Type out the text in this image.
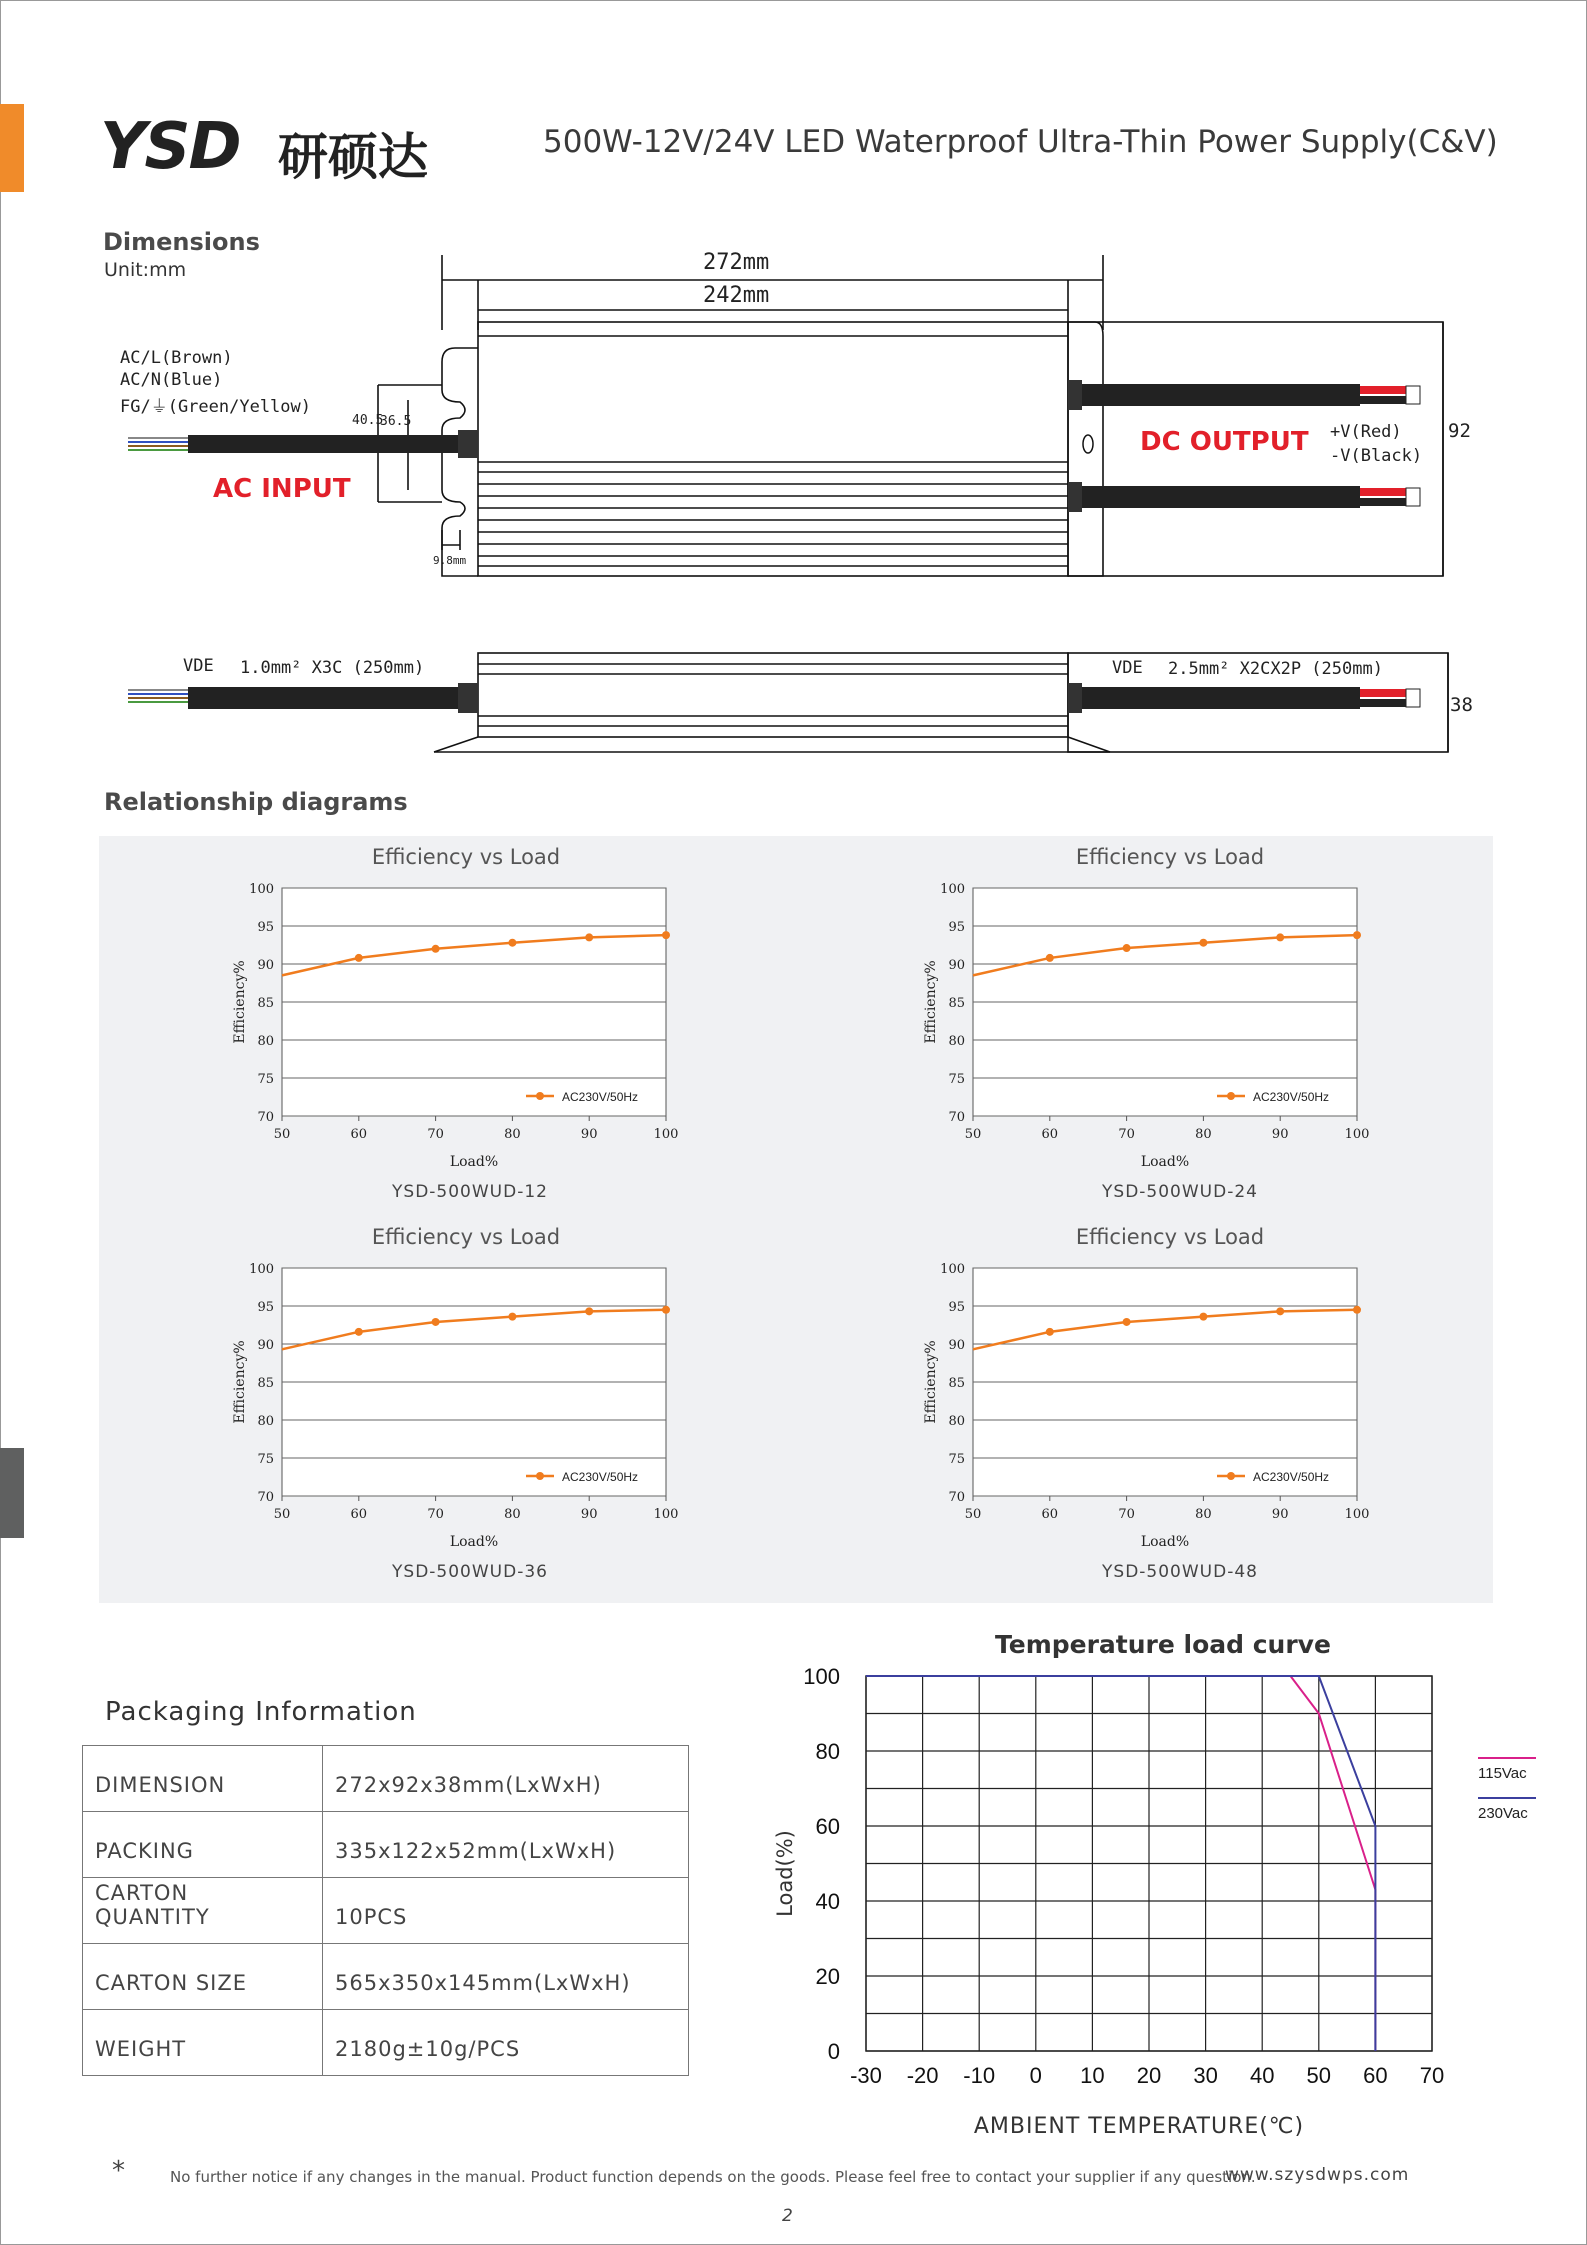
YSD 研硕达	500W-12V/24V LED Waterproof Ultra-Thin Power Supply(C&V)
Dimensions
Unit:mm	272mm
242mm
92
38
40.5
36.5
9.8mm
AC/L(Brown)
AC/N(Blue)
FG/⏚(Green/Yellow)
AC INPUT
DC OUTPUT +V(Red)
-V(Black)
VDE 1.0mm² X3C (250mm)	VDE 2.5mm² X2CX2P (250mm)
Relationship diagrams
Efficiency vs Load	Efficiency vs Load
Efficiency vs Load	Efficiency vs Load
70
75
80
85
90
95
100
50	60	70	80	90	100
Load%
Efficiency%
AC230V/50Hz
70
75
80
85
90
95
100
50	60	70	80	90	100
Load%
Efficiency%
AC230V/50Hz
70
75
80
85
90
95
100
50	60	70	80	90	100
Load%
Efficiency%
AC230V/50Hz
70
75
80
85
90
95
100
50	60	70	80	90	100
Load%
Efficiency%
AC230V/50Hz
YSD-500WUD-12	YSD-500WUD-24
YSD-500WUD-36	YSD-500WUD-48
Packaging Information
DIMENSION	272x92x38mm(LxWxH)
PACKING	335x122x52mm(LxWxH)
CARTON QUANTITY	10PCS
CARTON SIZE	565x350x145mm(LxWxH)
WEIGHT	2180g±10g/PCS
Temperature load curve
0
20
40
60
80
100
-30 -20 -10 0 10 20 30 40 50 60 70
AMBIENT TEMPERATURE(℃)
Load(%)
115Vac
230Vac
*	No further notice if any changes in the manual. Product function depends on the goods. Please feel free to contact your supplier if any question.
www.szysdwps.com
2
